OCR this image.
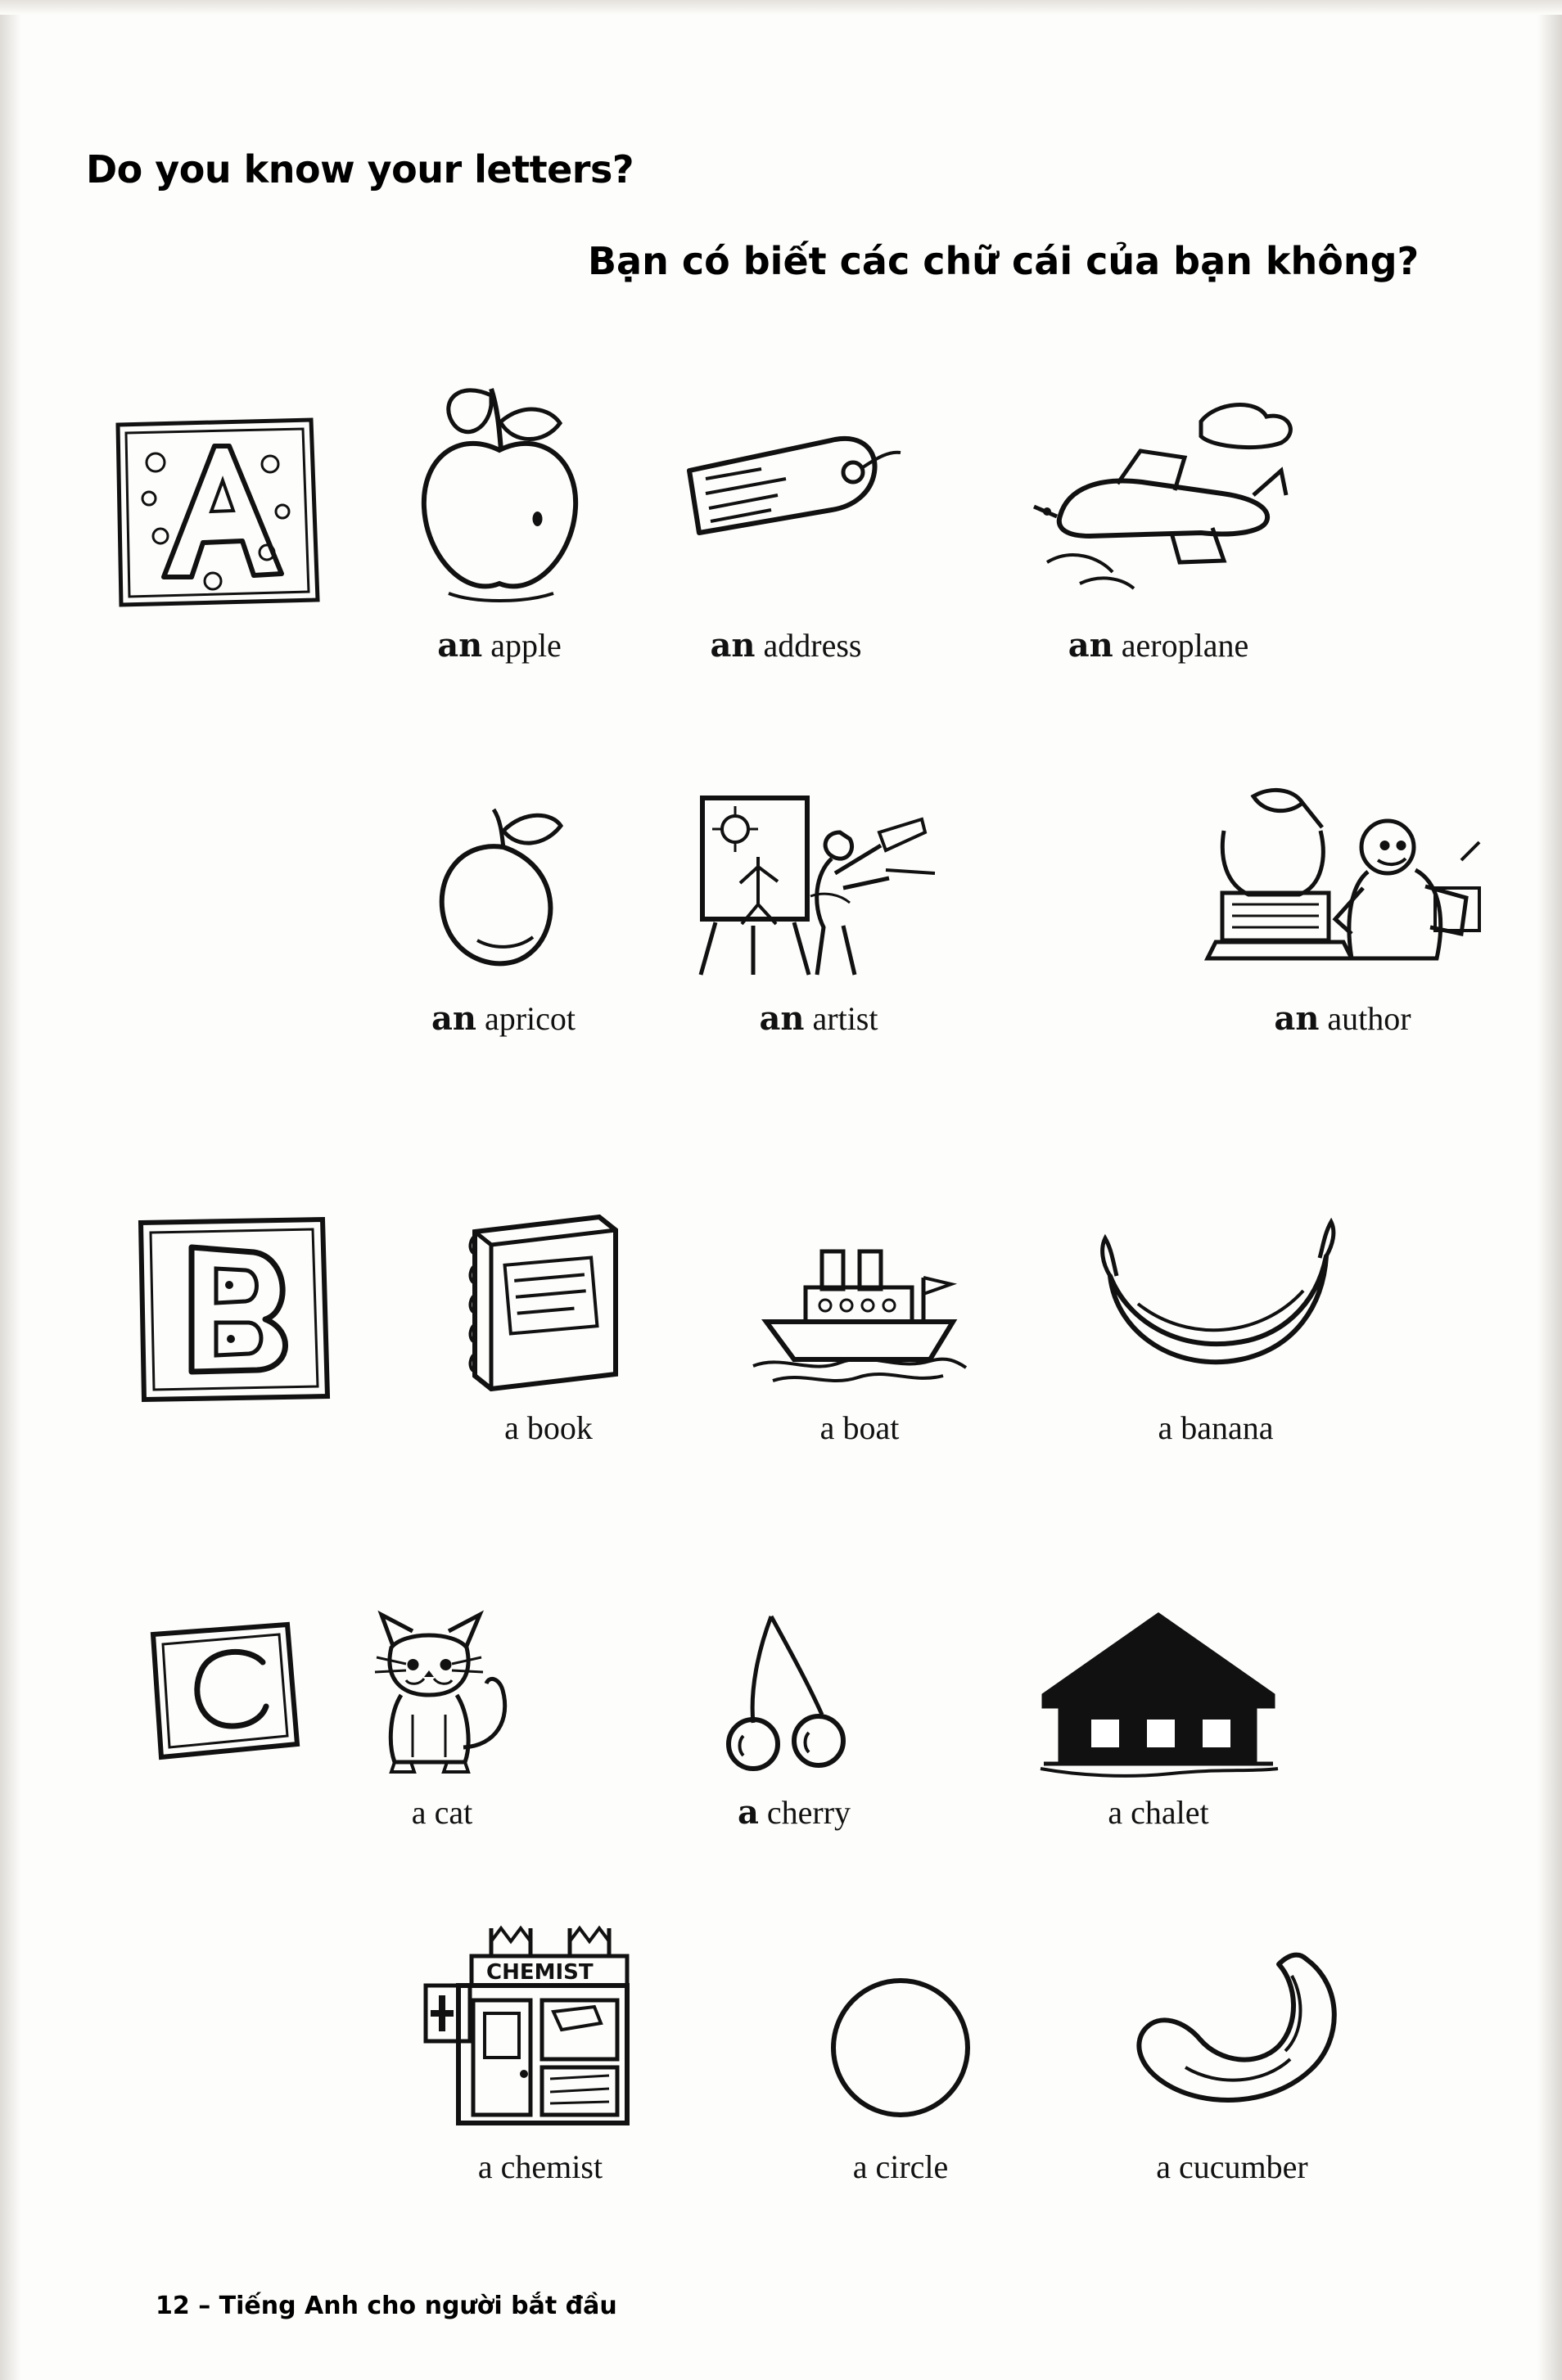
Do you know your letters?
Bạn có biết các chữ cái của bạn không?
an apple	an address	an aeroplane
an apricot	an artist	an author
a book	a boat	a banana
a cat	a cherry	a chalet
CHEMIST
a chemist	a circle	a cucumber
12 – Tiếng Anh cho người bắt đầu
